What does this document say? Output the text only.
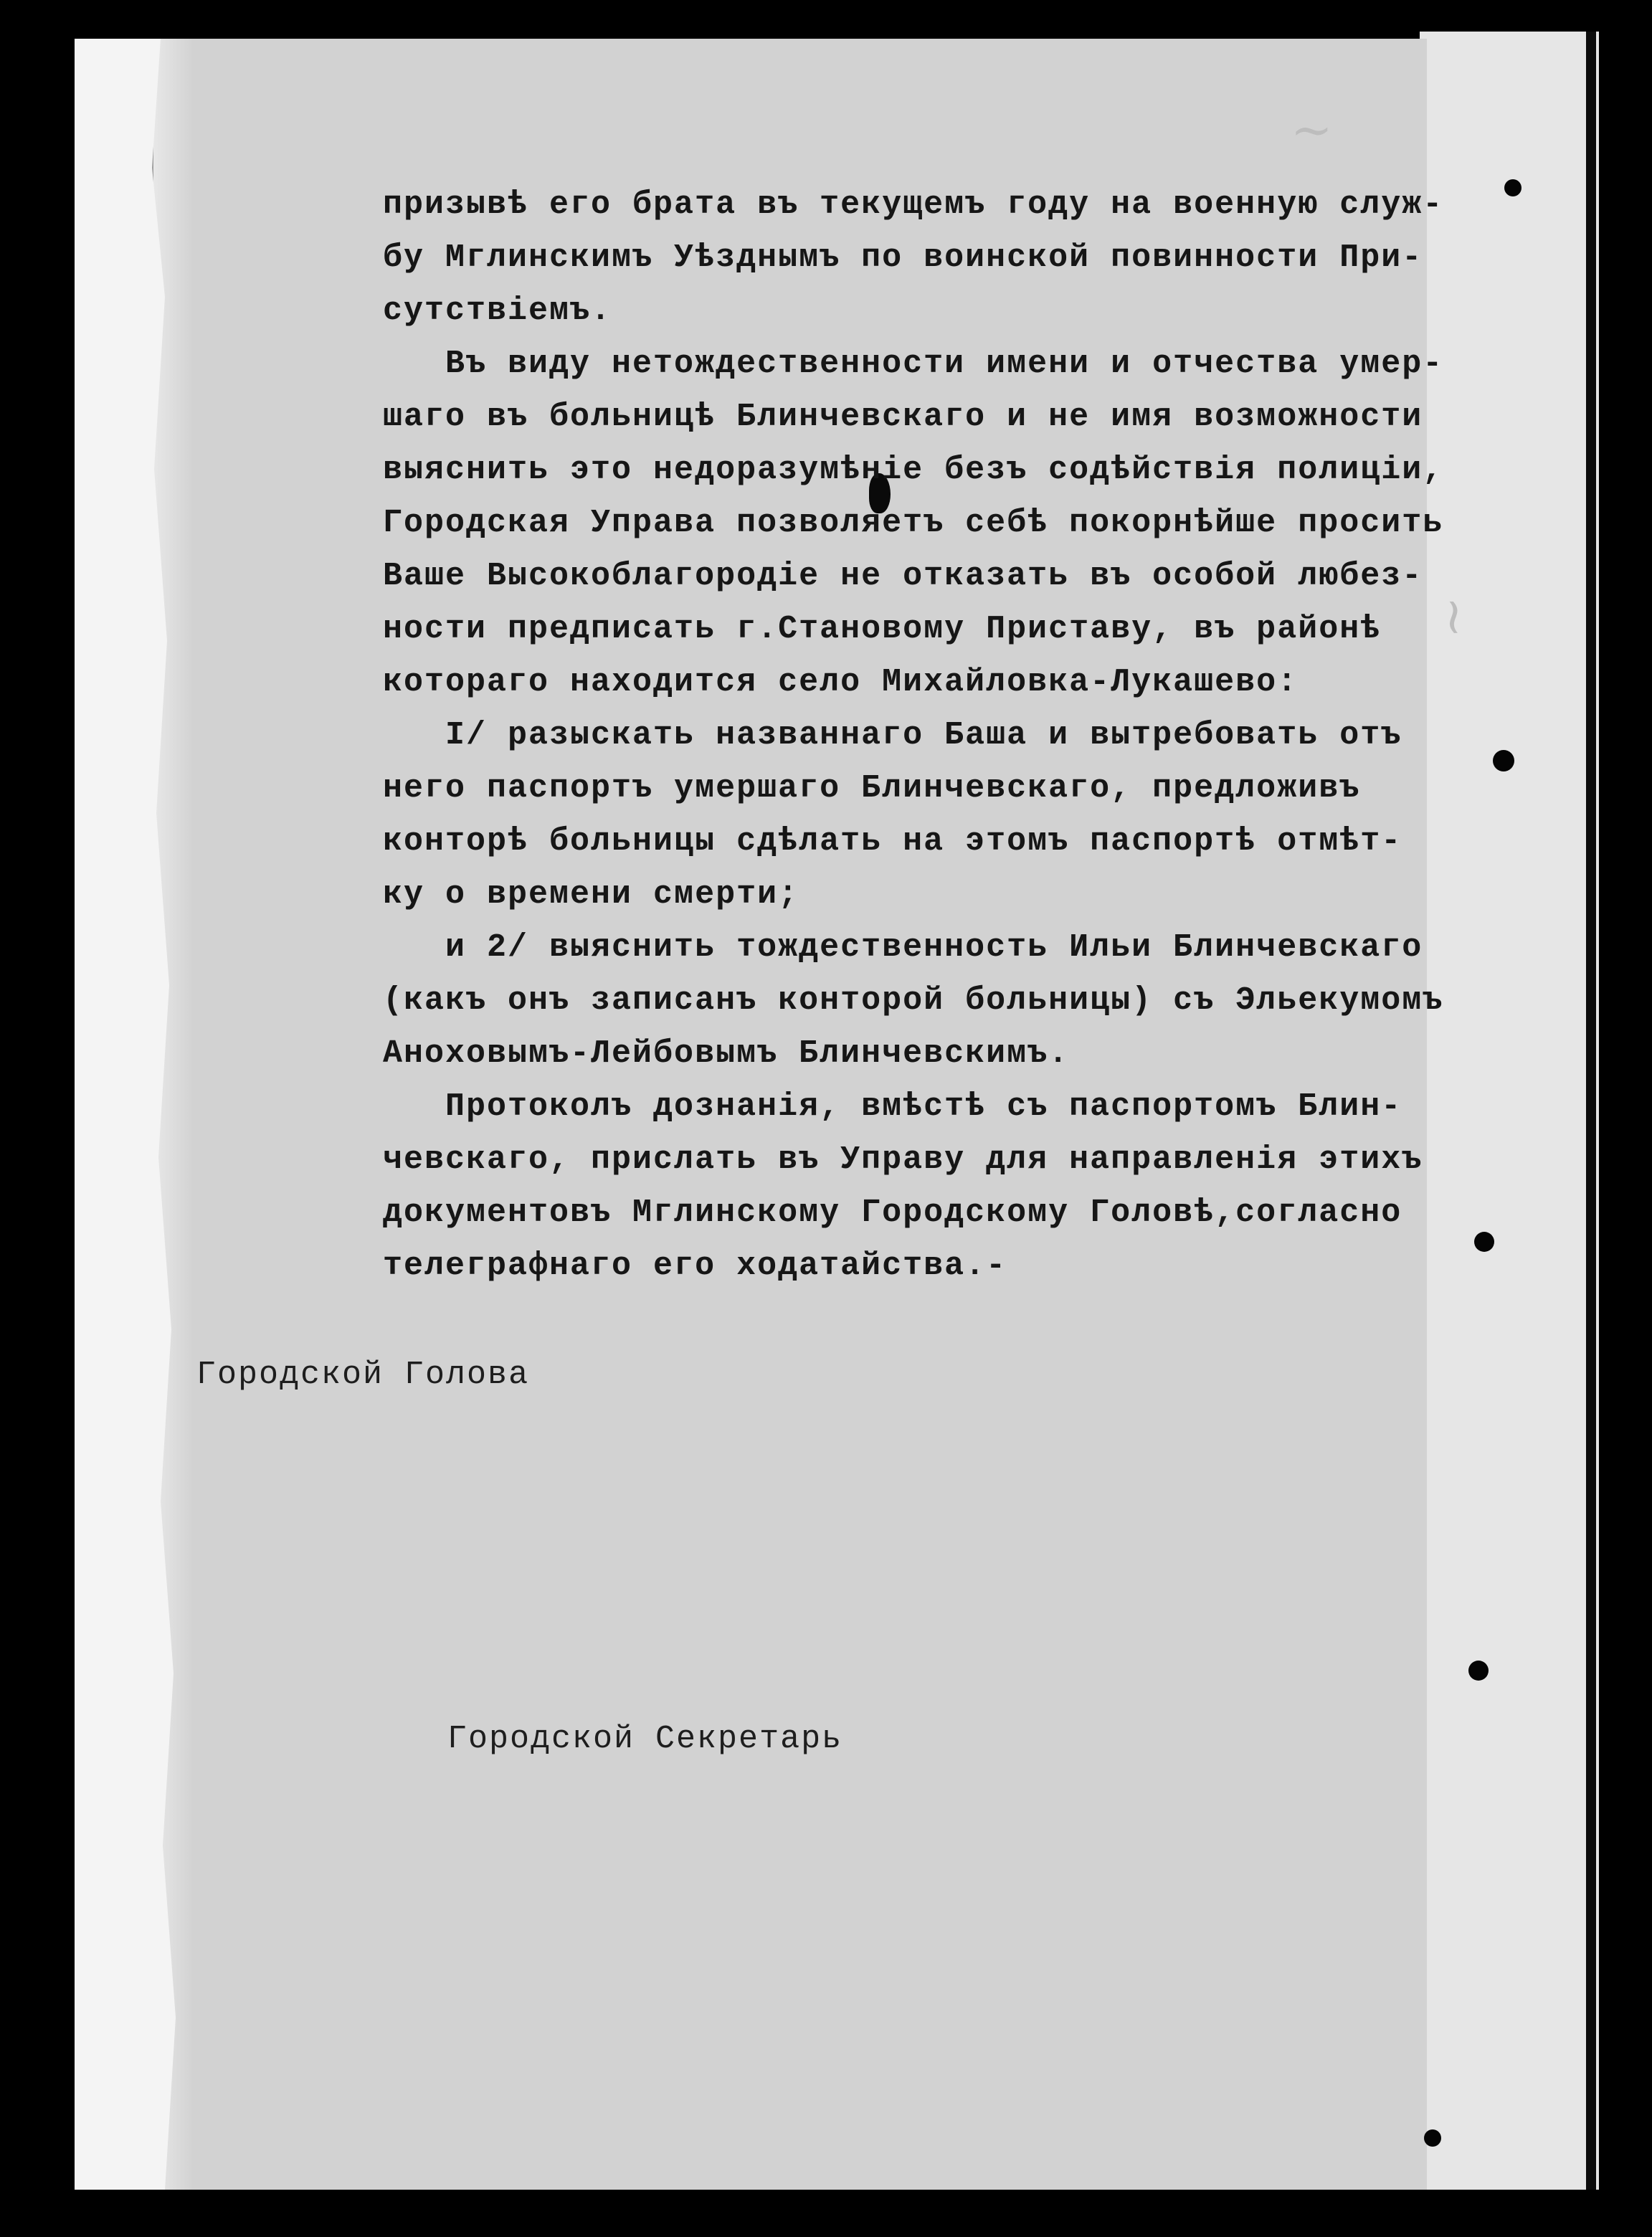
~
~

призывѣ его брата въ текущемъ году на военную служ-

бу Мглинскимъ Уѣзднымъ по воинской повинности При-

сутствіемъ.

Въ виду нетождественности имени и отчества умер-

шаго въ больницѣ Блинчевскаго и не имя возможности

выяснить это недоразумѣніе безъ содѣйствія полиціи,

Городская Управа позволяетъ себѣ покорнѣйше просить

Ваше Высокоблагородіе не отказать въ особой любез-

ности предписать г.Становому Приставу, въ районѣ

котораго находится село Михайловка-Лукашево:

I/ разыскать названнаго Баша и вытребовать отъ

него паспортъ умершаго Блинчевскаго, предложивъ

конторѣ больницы сдѣлать на этомъ паспортѣ отмѣт-

ку о времени смерти;

и 2/ выяснить тождественность Ильи Блинчевскаго

(какъ онъ записанъ конторой больницы) съ Эльекумомъ

Аноховымъ-Лейбовымъ Блинчевскимъ.

Протоколъ дознанія, вмѣстѣ съ паспортомъ Блин-

чевскаго, прислать въ Управу для направленія этихъ

документовъ Мглинскому Городскому Головѣ,согласно

телеграфнаго его ходатайства.-

Городской Голова

Городской Секретарь
